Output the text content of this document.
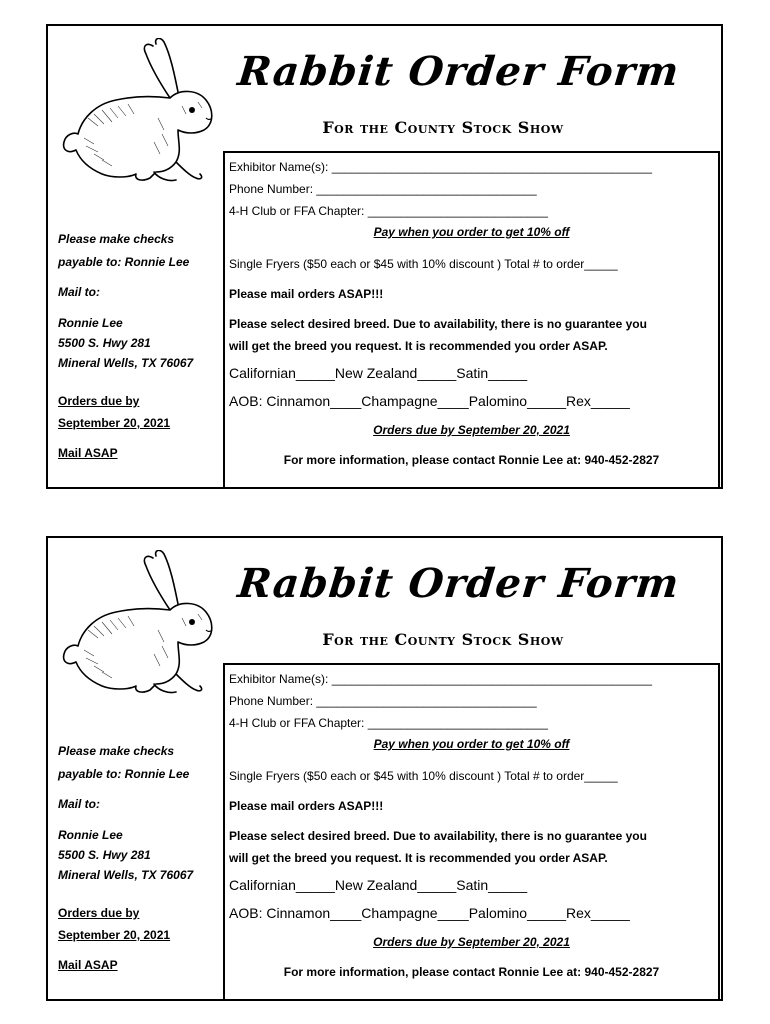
Rabbit Order Form
For the County Stock Show
Please make checks
payable to: Ronnie Lee
Mail to:
Ronnie Lee
5500 S. Hwy 281
Mineral Wells, TX 76067
Orders due by
September 20, 2021
Mail ASAP
Exhibitor Name(s): ________________________________________________
Phone Number: _________________________________
4-H Club or FFA Chapter: ___________________________
Pay when you order to get 10% off
Single Fryers ($50 each or $45 with 10% discount ) Total # to order_____
Please mail orders ASAP!!!
Please select desired breed. Due to availability, there is no guarantee you
will get the breed you request. It is recommended you order ASAP.
Californian_____New Zealand_____Satin_____
AOB: Cinnamon____Champagne____Palomino_____Rex_____
Orders due by September 20, 2021
For more information, please contact Ronnie Lee at: 940-452-2827
Rabbit Order Form
For the County Stock Show
Please make checks
payable to: Ronnie Lee
Mail to:
Ronnie Lee
5500 S. Hwy 281
Mineral Wells, TX 76067
Orders due by
September 20, 2021
Mail ASAP
Exhibitor Name(s): ________________________________________________
Phone Number: _________________________________
4-H Club or FFA Chapter: ___________________________
Pay when you order to get 10% off
Single Fryers ($50 each or $45 with 10% discount ) Total # to order_____
Please mail orders ASAP!!!
Please select desired breed. Due to availability, there is no guarantee you
will get the breed you request. It is recommended you order ASAP.
Californian_____New Zealand_____Satin_____
AOB: Cinnamon____Champagne____Palomino_____Rex_____
Orders due by September 20, 2021
For more information, please contact Ronnie Lee at: 940-452-2827
